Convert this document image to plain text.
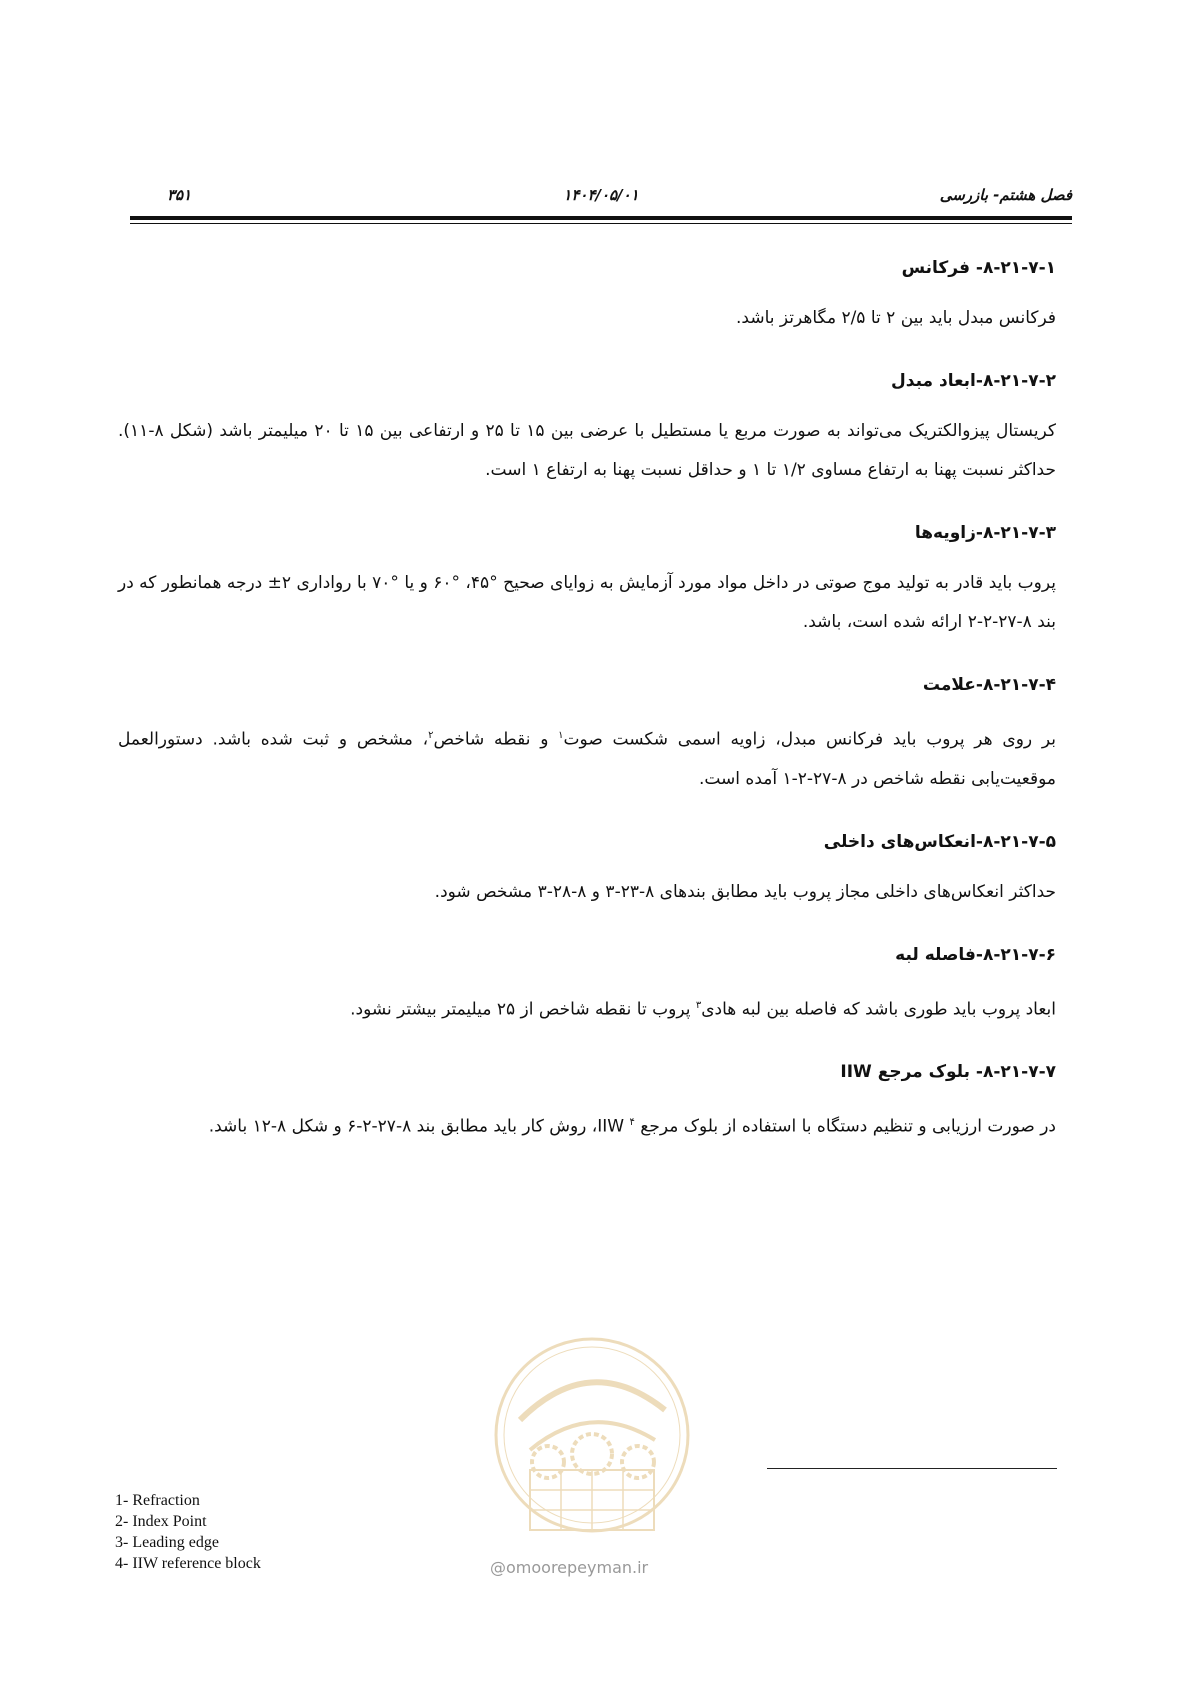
۳۵۱	۱۴۰۴/۰۵/۰۱	فصل هشتم- بازرسی
۸-۲۱-۷-۱- فرکانس

فرکانس مبدل باید بین ۲ تا ۲/۵ مگاهرتز باشد.

۸-۲۱-۷-۲-ابعاد مبدل

کریستال پیزوالکتریک می‌تواند به صورت مربع یا مستطیل با عرضی بین ۱۵ تا ۲۵ و ارتفاعی بین ۱۵ تا ۲۰ میلیمتر باشد (شکل ۸-۱۱). حداکثر نسبت پهنا به ارتفاع مساوی ۱/۲ تا ۱ و حداقل نسبت پهنا به ارتفاع ۱ است.

۸-۲۱-۷-۳-زاویه‌ها

پروب باید قادر به تولید موج صوتی در داخل مواد مورد آزمایش به زوایای صحیح °۴۵، °۶۰ و یا °۷۰ با رواداری ۲± درجه همانطور که در بند ۸-۲۷-۲-۲ ارائه شده است، باشد.

۸-۲۱-۷-۴-علامت

بر روی هر پروب باید فرکانس مبدل، زاویه اسمی شکست صوت$^۱$ و نقطه شاخص$^۲$، مشخص و ثبت شده باشد. دستورالعمل موقعیت‌یابی نقطه شاخص در ۸-۲۷-۲-۱ آمده است.

۸-۲۱-۷-۵-انعکاس‌های داخلی

حداکثر انعکاس‌های داخلی مجاز پروب باید مطابق بندهای ۸-۲۳-۳ و ۸-۲۸-۳ مشخص شود.

۸-۲۱-۷-۶-فاصله لبه

ابعاد پروب باید طوری باشد که فاصله بین لبه هادی$^۳$ پروب تا نقطه شاخص از ۲۵ میلیمتر بیشتر نشود.

۸-۲۱-۷-۷- بلوک مرجع IIW

در صورت ارزیابی و تنظیم دستگاه با استفاده از بلوک مرجع IIW $^۴$، روش کار باید مطابق بند ۸-۲۷-۲-۶ و شکل ۸-۱۲ باشد.

@omoorepeyman.ir
1- Refraction
2- Index Point
3- Leading edge
4- IIW reference block
